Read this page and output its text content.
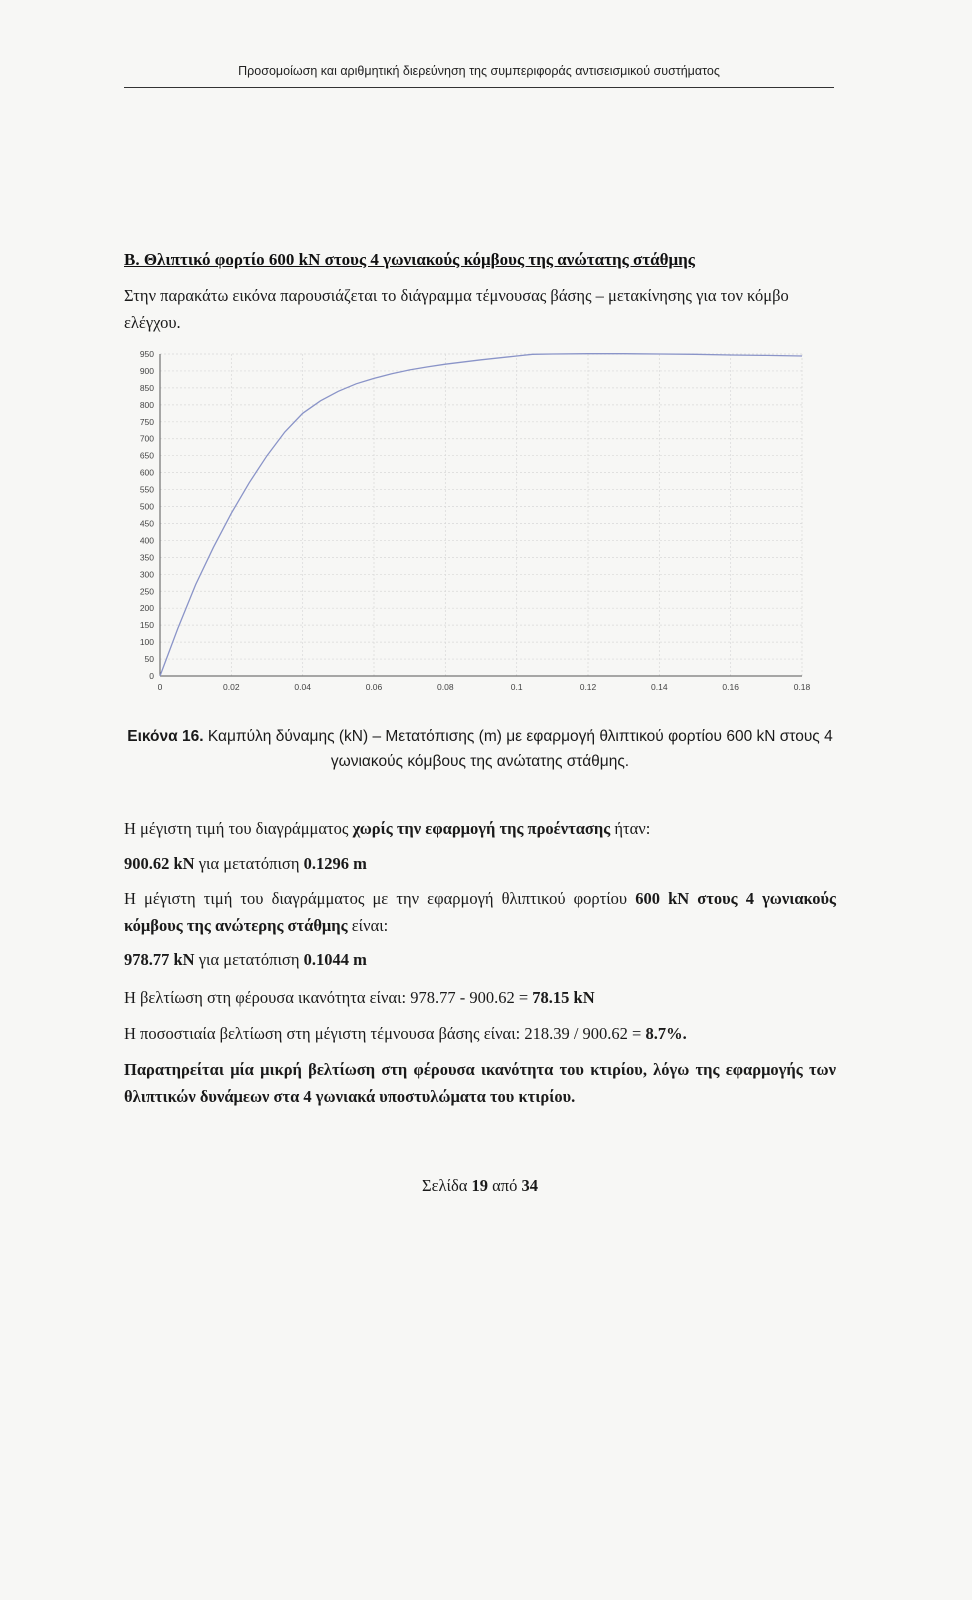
Προσομοίωση και αριθμητική διερεύνηση της συμπεριφοράς αντισεισμικού συστήματος
Β. Θλιπτικό φορτίο 600 kN στους 4 γωνιακούς κόμβους της ανώτατης στάθμης
Στην παρακάτω εικόνα παρουσιάζεται το διάγραμμα τέμνουσας βάσης – μετακίνησης για τον κόμβο ελέγχου.
0
50
100
150
200
250
300
350
400
450
500
550
600
650
700
750
800
850
900
950
0	0.02	0.04	0.06	0.08	0.1	0.12	0.14	0.16	0.18
Εικόνα 16. Καμπύλη δύναμης (kN) – Μετατόπισης (m) με εφαρμογή θλιπτικού φορτίου 600 kN στους 4 γωνιακούς κόμβους της ανώτατης στάθμης.
Η μέγιστη τιμή του διαγράμματος χωρίς την εφαρμογή της προέντασης ήταν:
900.62 kN για μετατόπιση 0.1296 m
Η μέγιστη τιμή του διαγράμματος με την εφαρμογή θλιπτικού φορτίου 600 kN στους 4 γωνιακούς κόμβους της ανώτερης στάθμης είναι:
978.77 kN για μετατόπιση 0.1044 m
Η βελτίωση στη φέρουσα ικανότητα είναι: 978.77 - 900.62 = 78.15 kN
Η ποσοστιαία βελτίωση στη μέγιστη τέμνουσα βάσης είναι: 218.39 / 900.62 = 8.7%.
Παρατηρείται μία μικρή βελτίωση στη φέρουσα ικανότητα του κτιρίου, λόγω της εφαρμογής των θλιπτικών δυνάμεων στα 4 γωνιακά υποστυλώματα του κτιρίου.
Σελίδα 19 από 34
